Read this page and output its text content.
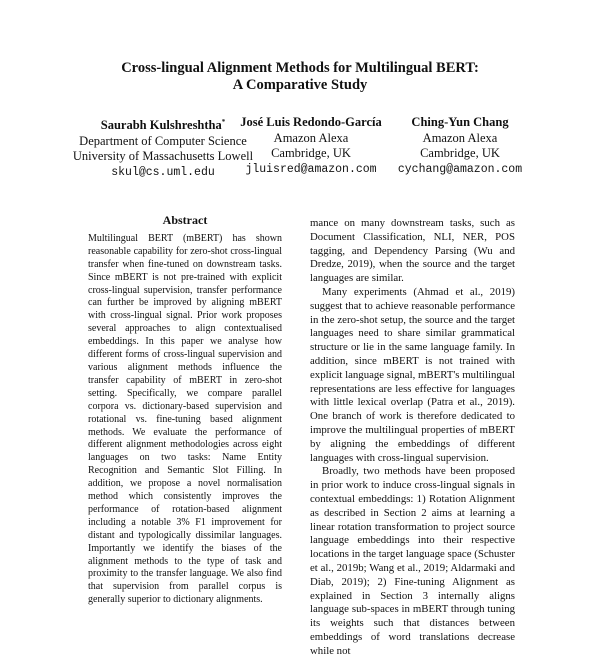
Cross-lingual Alignment Methods for Multilingual BERT:
A Comparative Study
Saurabh Kulshreshtha*
Department of Computer Science
University of Massachusetts Lowell
skul@cs.uml.edu
José Luis Redondo-García
Amazon Alexa
Cambridge, UK
jluisred@amazon.com
Ching-Yun Chang
Amazon Alexa
Cambridge, UK
cychang@amazon.com
Abstract

Multilingual BERT (mBERT) has shown reasonable capability for zero-shot cross-lingual transfer when fine-tuned on downstream tasks. Since mBERT is not pre-trained with explicit cross-lingual supervision, transfer performance can further be improved by aligning mBERT with cross-lingual signal. Prior work proposes several approaches to align contextualised embeddings. In this paper we analyse how different forms of cross-lingual supervision and various alignment methods influence the transfer capability of mBERT in zero-shot setting. Specifically, we compare parallel corpora vs. dictionary-based supervision and rotational vs. fine-tuning based alignment methods. We evaluate the performance of different alignment methodologies across eight languages on two tasks: Name Entity Recognition and Semantic Slot Filling. In addition, we propose a novel normalisation method which consistently improves the performance of rotation-based alignment including a notable 3% F1 improvement for distant and typologically dissimilar languages. Importantly we identify the biases of the alignment methods to the type of task and proximity to the transfer language. We also find that supervision from parallel corpus is generally superior to dictionary alignments.

mance on many downstream tasks, such as Document Classification, NLI, NER, POS tagging, and Dependency Parsing (Wu and Dredze, 2019), when the source and the target languages are similar.

Many experiments (Ahmad et al., 2019) suggest that to achieve reasonable performance in the zero-shot setup, the source and the target languages need to share similar grammatical structure or lie in the same language family. In addition, since mBERT is not trained with explicit language signal, mBERT's multilingual representations are less effective for languages with little lexical overlap (Patra et al., 2019). One branch of work is therefore dedicated to improve the multilingual properties of mBERT by aligning the embeddings of different languages with cross-lingual supervision.

Broadly, two methods have been proposed in prior work to induce cross-lingual signals in contextual embeddings: 1) Rotation Alignment as described in Section 2 aims at learning a linear rotation transformation to project source language embeddings into their respective locations in the target language space (Schuster et al., 2019b; Wang et al., 2019; Aldarmaki and Diab, 2019); 2) Fine-tuning Alignment as explained in Section 3 internally aligns language sub-spaces in mBERT through tuning its weights such that distances between embeddings of word translations decrease while not
